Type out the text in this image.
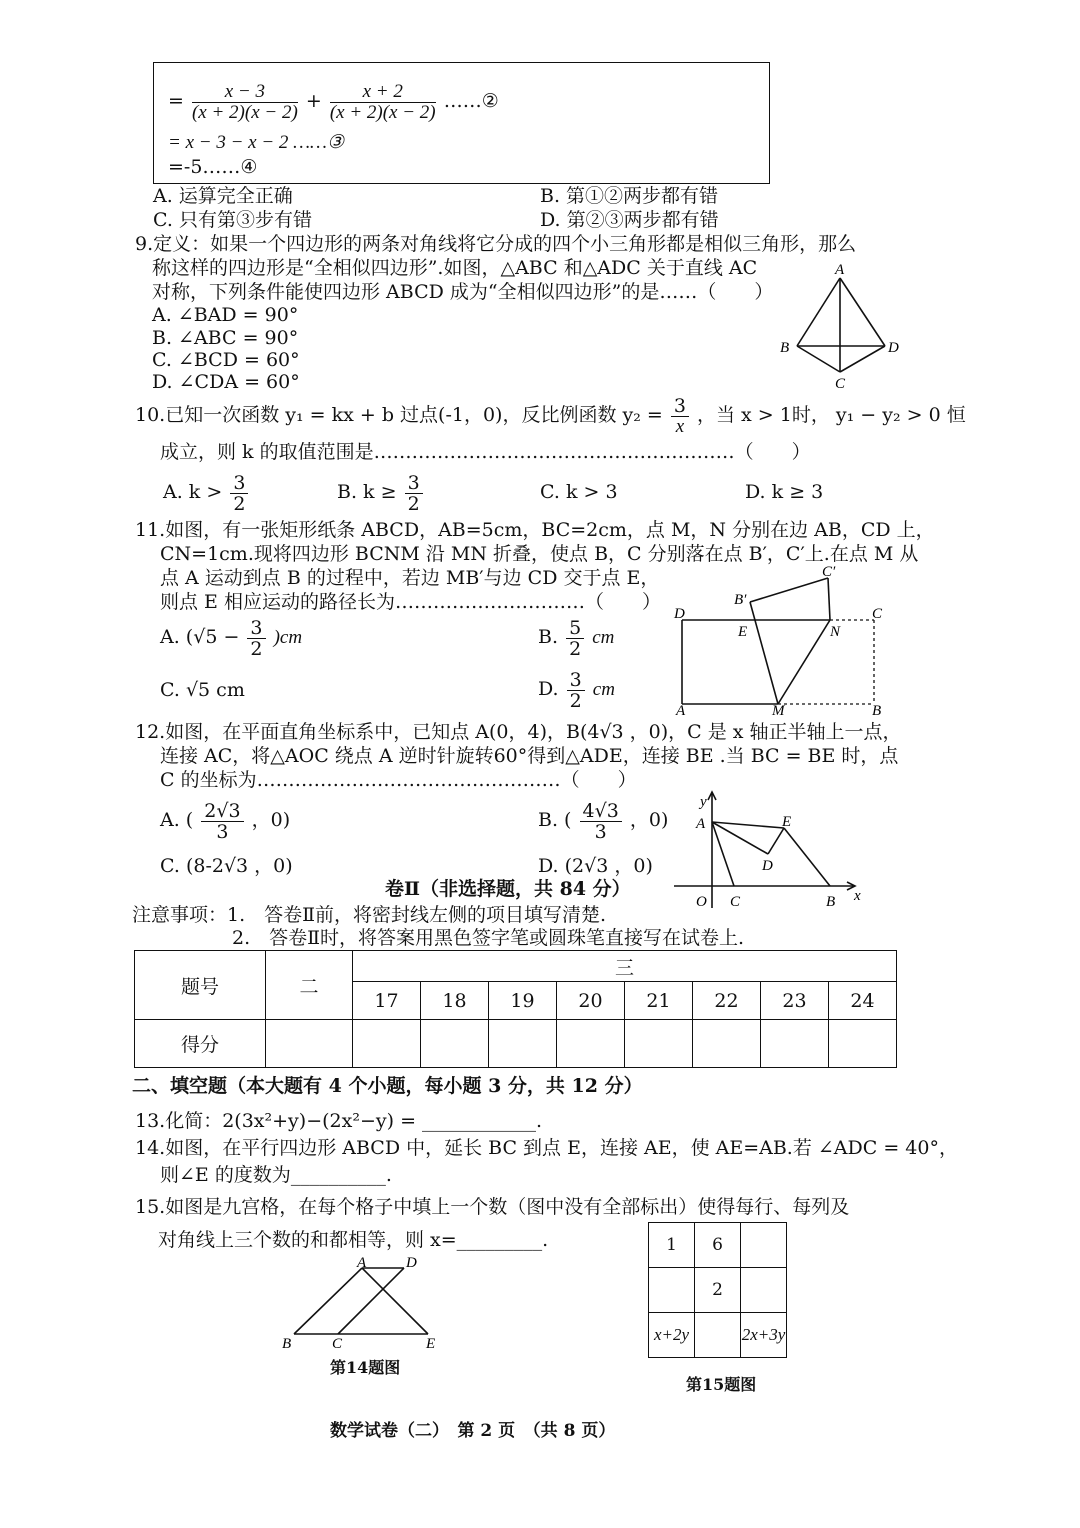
= $\frac{x - 3}{(x + 2)(x - 2)} + \frac{x + 2}{(x + 2)(x - 2)}$ ……②
= x − 3 − x − 2 ……③
=-5……④
A. 运算完全正确	B. 第①②两步都有错
C. 只有第③步有错	D. 第②③两步都有错
9.定义：如果一个四边形的两条对角线将它分成的四个小三角形都是相似三角形，那么
称这样的四边形是“全相似四边形”.如图，△ABC 和△ADC 关于直线 AC
对称，下列条件能使四边形 ABCD 成为“全相似四边形”的是……（　　）
A. ∠BAD = 90°
B. ∠ABC = 90°
C. ∠BCD = 60°
D. ∠CDA = 60°
A
B	D
C
10.已知一次函数 y₁ = kx + b 过点(-1，0)，反比例函数 $y_2 = \frac{3}{x}$ ，当 x > 1时， y₁ − y₂ > 0 恒
成立，则 k 的取值范围是…………………………………………………（　　）
A. $k > \frac{3}{2}$	B. $k \ge \frac{3}{2}$	C. k > 3	D. k ≥ 3
11.如图，有一张矩形纸条 ABCD，AB=5cm，BC=2cm，点 M，N 分别在边 AB，CD 上，
CN=1cm.现将四边形 BCNM 沿 MN 折叠，使点 B，C 分别落在点 B′，C′上.在点 M 从
点 A 运动到点 B 的过程中，若边 MB′与边 CD 交于点 E，
则点 E 相应运动的路径长为…………………………（　　）
A. $(√5 - \frac{3}{2} )cm$	B. $\frac{5}{2}$ cm
C. √5 cm	D. $\frac{3}{2}$ cm
C′
B′
D	C
E	N
A	M	B
12.如图，在平面直角坐标系中，已知点 A(0，4)，B(4√3 ，0)，C 是 x 轴正半轴上一点，
连接 AC，将△AOC 绕点 A 逆时针旋转60°得到△ADE，连接 BE .当 BC = BE 时，点
C 的坐标为…………………………………………（　　）
A. ( $\frac{2√3}{3}$ ，0)	B. ( $\frac{4√3}{3}$ ，0)
C. (8-2√3 ，0)	D. (2√3 ，0)
y
A	E
D
O C	B x
卷Ⅱ（非选择题，共 84 分）
注意事项：1.　答卷Ⅱ前，将密封线左侧的项目填写清楚.
2.　答卷Ⅱ时，将答案用黑色签字笔或圆珠笔直接写在试卷上.
题号	二	三							
		17	18	19	20	21	22	23	24
得分									
二、填空题（本大题有 4 个小题，每小题 3 分，共 12 分）
13.化简：2(3x²+y)−(2x²−y) = ____________.
14.如图，在平行四边形 ABCD 中，延长 BC 到点 E，连接 AE，使 AE=AB.若 ∠ADC = 40°，
则∠E 的度数为__________.
15.如图是九宫格，在每个格子中填上一个数（图中没有全部标出）使得每行、每列及
对角线上三个数的和都相等，则 x=_________.
A	D
B	C	E
第14题图
1	6	
	2	
x+2y		2x+3y
第15题图
数学试卷（二）　第 2 页　（共 8 页）
